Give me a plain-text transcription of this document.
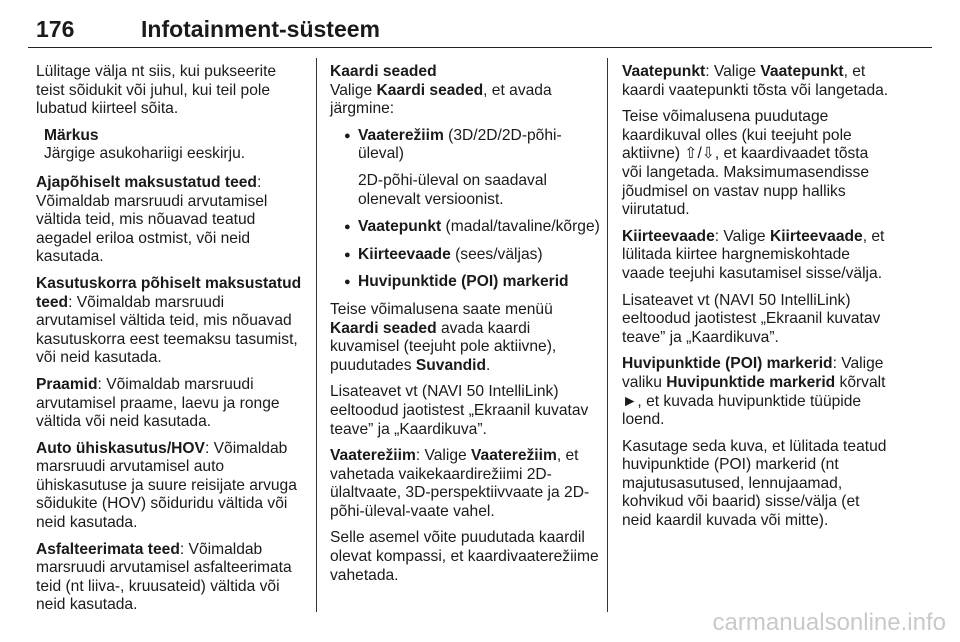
176	Infotainment-süsteem

Lülitage välja nt siis, kui pukseerite teist sõidukit või juhul, kui teil pole lubatud kiirteel sõita.

Märkus
Järgige asukohariigi eeskirju.

Ajapõhiselt maksustatud teed: Võimaldab marsruudi arvutamisel vältida teid, mis nõuavad teatud aegadel eriloa ostmist, või neid kasutada.

Kasutuskorra põhiselt maksustatud teed: Võimaldab marsruudi arvutamisel vältida teid, mis nõuavad kasutuskorra eest teemaksu tasumist, või neid kasutada.

Praamid: Võimaldab marsruudi arvutamisel praame, laevu ja ronge vältida või neid kasutada.

Auto ühiskasutus/HOV: Võimaldab marsruudi arvutamisel auto ühiskasutuse ja suure reisijate arvuga sõidukite (HOV) sõiduridu vältida või neid kasutada.

Asfalteerimata teed: Võimaldab marsruudi arvutamisel asfalteerimata teid (nt liiva-, kruusateid) vältida või neid kasutada.

Kaardi seaded

Valige Kaardi seaded, et avada järgmine:

● Vaaterežiim (3D/2D/2D-põhi-üleval)
2D-põhi-üleval on saadaval olenevalt versioonist.
● Vaatepunkt (madal/tavaline/kõrge)
● Kiirteevaade (sees/väljas)
● Huvipunktide (POI) markerid

Teise võimalusena saate menüü Kaardi seaded avada kaardi kuvamisel (teejuht pole aktiivne), puudutades Suvandid.

Lisateavet vt (NAVI 50 IntelliLink) eeltoodud jaotistest „Ekraanil kuvatav teave” ja „Kaardikuva”.

Vaaterežiim: Valige Vaaterežiim, et vahetada vaikekaardirežiimi 2D-ülaltvaate, 3D-perspektiivvaate ja 2D-põhi-üleval-vaate vahel.

Selle asemel võite puudutada kaardil olevat kompassi, et kaardivaaterežiime vahetada.

Vaatepunkt: Valige Vaatepunkt, et kaardi vaatepunkti tõsta või langetada.

Teise võimalusena puudutage kaardikuval olles (kui teejuht pole aktiivne) ⇧/⇩, et kaardivaadet tõsta või langetada. Maksimumasendisse jõudmisel on vastav nupp halliks viirutatud.

Kiirteevaade: Valige Kiirteevaade, et lülitada kiirtee hargnemiskohtade vaade teejuhi kasutamisel sisse/välja.

Lisateavet vt (NAVI 50 IntelliLink) eeltoodud jaotistest „Ekraanil kuvatav teave” ja „Kaardikuva”.

Huvipunktide (POI) markerid: Valige valiku Huvipunktide markerid kõrvalt ►, et kuvada huvipunktide tüüpide loend.

Kasutage seda kuva, et lülitada teatud huvipunktide (POI) markerid (nt majutusasutused, lennujaamad, kohvikud või baarid) sisse/välja (et neid kaardil kuvada või mitte).

carmanualsonline.info
